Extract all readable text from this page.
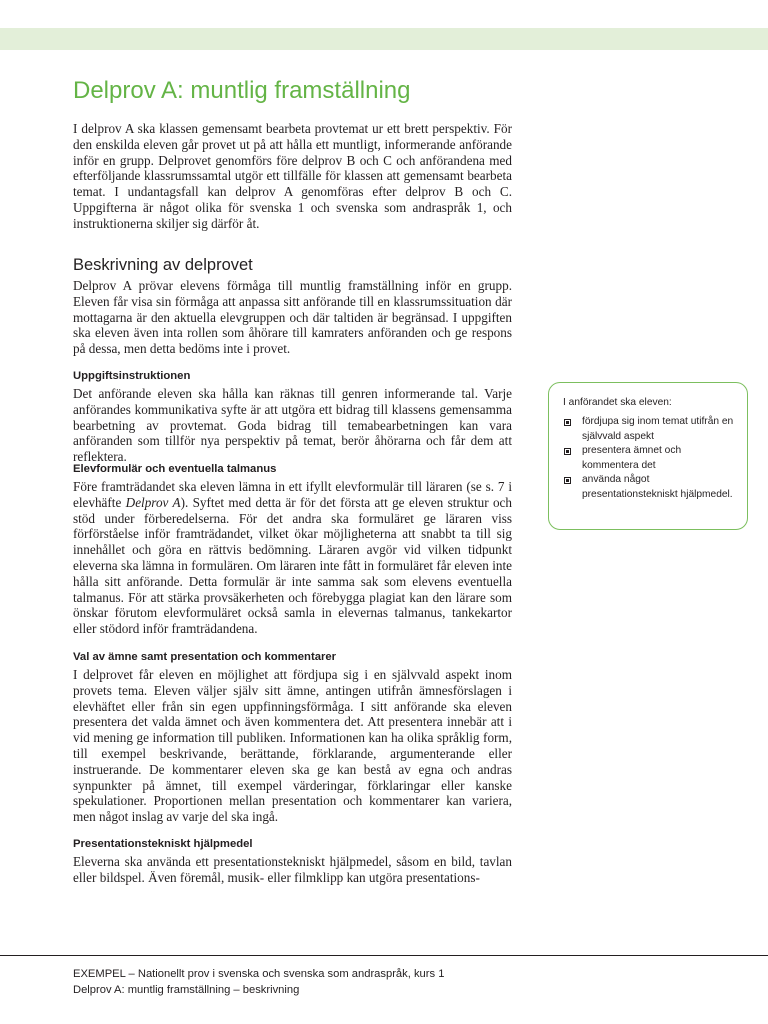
Delprov A: muntlig framställning

I delprov A ska klassen gemensamt bearbeta provtemat ur ett brett perspektiv. För den enskilda eleven går provet ut på att hålla ett muntligt, informerande anförande inför en grupp. Delprovet genomförs före delprov B och C och anförandena med efterföljande klassrumssamtal utgör ett tillfälle för klassen att gemensamt bearbeta temat. I undantagsfall kan delprov A genomföras efter delprov B och C. Uppgifterna är något olika för svenska 1 och svenska som andraspråk 1, och instruktionerna skiljer sig därför åt.

Beskrivning av delprovet

Delprov A prövar elevens förmåga till muntlig framställning inför en grupp. Eleven får visa sin förmåga att anpassa sitt anförande till en klassrumssituation där mottagarna är den aktuella elevgruppen och där taltiden är begränsad. I uppgiften ska eleven även inta rollen som åhörare till kamraters anföranden och ge respons på dessa, men detta bedöms inte i provet.

Uppgiftsinstruktionen

Det anförande eleven ska hålla kan räknas till genren informerande tal. Varje anförandes kommunikativa syfte är att utgöra ett bidrag till klassens gemensamma bearbetning av provtemat. Goda bidrag till temabearbetningen kan vara anföranden som tillför nya perspektiv på temat, berör åhörarna och får dem att reflektera.

Elevformulär och eventuella talmanus

Före framträdandet ska eleven lämna in ett ifyllt elevformulär till läraren (se s. 7 i elevhäfte Delprov A). Syftet med detta är för det första att ge eleven struktur och stöd under förberedelserna. För det andra ska formuläret ge läraren viss förförståelse inför framträdandet, vilket ökar möjligheterna att snabbt ta till sig innehållet och göra en rättvis bedömning. Läraren avgör vid vilken tidpunkt eleverna ska lämna in formulären. Om läraren inte fått in formuläret får eleven inte hålla sitt anförande. Detta formulär är inte samma sak som elevens eventuella talmanus. För att stärka provsäkerheten och förebygga plagiat kan den lärare som önskar förutom elevformuläret också samla in elevernas talmanus, tankekartor eller stödord inför framträdandena.

Val av ämne samt presentation och kommentarer

I delprovet får eleven en möjlighet att fördjupa sig i en självvald aspekt inom provets tema. Eleven väljer själv sitt ämne, antingen utifrån ämnesförslagen i elevhäftet eller från sin egen uppfinningsförmåga. I sitt anförande ska eleven presentera det valda ämnet och även kommentera det. Att presentera innebär att i vid mening ge information till publiken. Informationen kan ha olika språklig form, till exempel beskrivande, berättande, förklarande, argumenterande eller instruerande. De kommentarer eleven ska ge kan bestå av egna och andras synpunkter på ämnet, till exempel värderingar, förklaringar eller kanske spekulationer. Proportionen mellan presentation och kommentarer kan variera, men något inslag av varje del ska ingå.

Presentationstekniskt hjälpmedel

Eleverna ska använda ett presentationstekniskt hjälpmedel, såsom en bild, tavlan eller bildspel. Även föremål, musik- eller filmklipp kan utgöra presentations-

I anförandet ska eleven:

fördjupa sig inom temat utifrån en självvald aspekt
presentera ämnet och kommentera det
använda något presentationstekniskt hjälpmedel.
EXEMPEL – Nationellt prov i svenska och svenska som andraspråk, kurs 1
Delprov A: muntlig framställning – beskrivning
